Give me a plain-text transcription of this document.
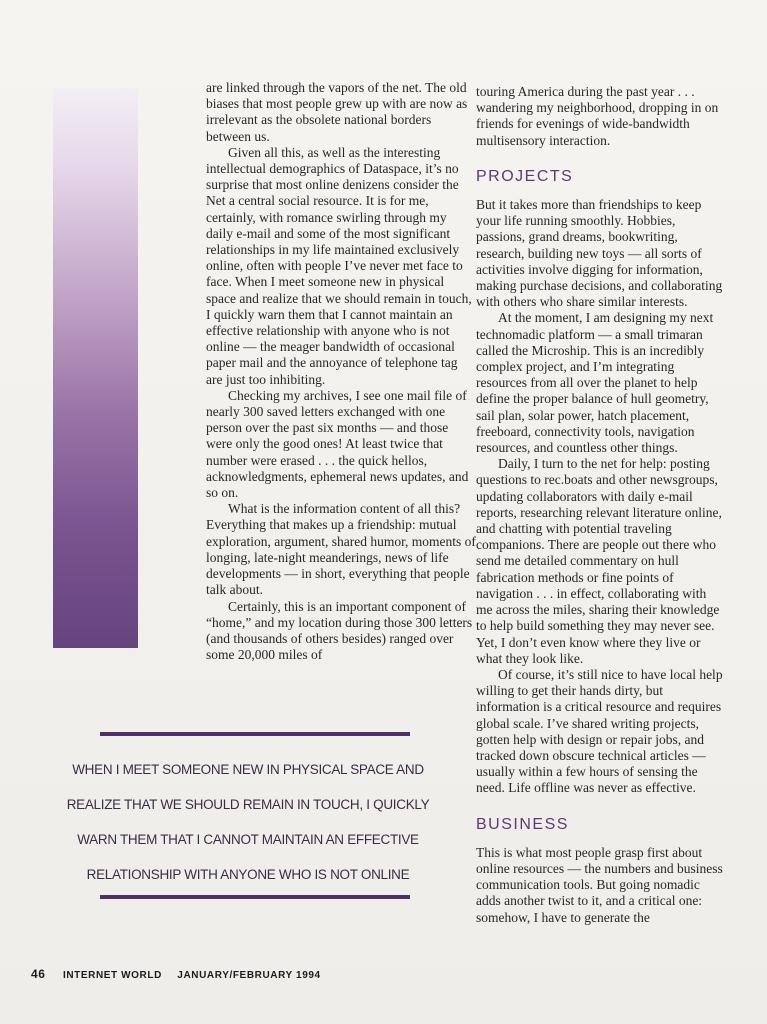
are linked through the vapors of the net. The old biases that most people grew up with are now as irrelevant as the obsolete national borders between us.

Given all this, as well as the interesting intellectual demographics of Dataspace, it’s no surprise that most online denizens consider the Net a central social resource. It is for me, certainly, with romance swirling through my daily e-mail and some of the most significant relationships in my life maintained exclusively online, often with people I’ve never met face to face. When I meet someone new in physical space and realize that we should remain in touch, I quickly warn them that I cannot maintain an effective relationship with anyone who is not online — the meager bandwidth of occasional paper mail and the annoyance of telephone tag are just too inhibiting.

Checking my archives, I see one mail file of nearly 300 saved letters exchanged with one person over the past six months — and those were only the good ones! At least twice that number were erased . . . the quick hellos, acknowledgments, ephemeral news updates, and so on.

What is the information content of all this? Everything that makes up a friendship: mutual exploration, argument, shared humor, moments of longing, late-night meanderings, news of life developments — in short, everything that people talk about.

Certainly, this is an important component of “home,” and my location during those 300 letters (and thousands of others besides) ranged over some 20,000 miles of

touring America during the past year . . . wandering my neighborhood, dropping in on friends for evenings of wide-bandwidth multisensory interaction.

PROJECTS

But it takes more than friendships to keep your life running smoothly. Hobbies, passions, grand dreams, bookwriting, research, building new toys — all sorts of activities involve digging for information, making purchase decisions, and collaborating with others who share similar interests.

At the moment, I am designing my next technomadic platform — a small trimaran called the Microship. This is an incredibly complex project, and I’m integrating resources from all over the planet to help define the proper balance of hull geometry, sail plan, solar power, hatch placement, freeboard, connectivity tools, navigation resources, and countless other things.

Daily, I turn to the net for help: posting questions to rec.boats and other newsgroups, updating collaborators with daily e-mail reports, researching relevant literature online, and chatting with potential traveling companions. There are people out there who send me detailed commentary on hull fabrication methods or fine points of navigation . . . in effect, collaborating with me across the miles, sharing their knowledge to help build something they may never see. Yet, I don’t even know where they live or what they look like.

Of course, it’s still nice to have local help willing to get their hands dirty, but information is a critical resource and requires global scale. I’ve shared writing projects, gotten help with design or repair jobs, and tracked down obscure technical articles — usually within a few hours of sensing the need. Life offline was never as effective.

BUSINESS

This is what most people grasp first about online resources — the numbers and business communication tools. But going nomadic adds another twist to it, and a critical one: somehow, I have to generate the

WHEN I MEET SOMEONE NEW IN PHYSICAL SPACE AND
REALIZE THAT WE SHOULD REMAIN IN TOUCH, I QUICKLY
WARN THEM THAT I CANNOT MAINTAIN AN EFFECTIVE
RELATIONSHIP WITH ANYONE WHO IS NOT ONLINE
46 INTERNET WORLD JANUARY/FEBRUARY 1994
